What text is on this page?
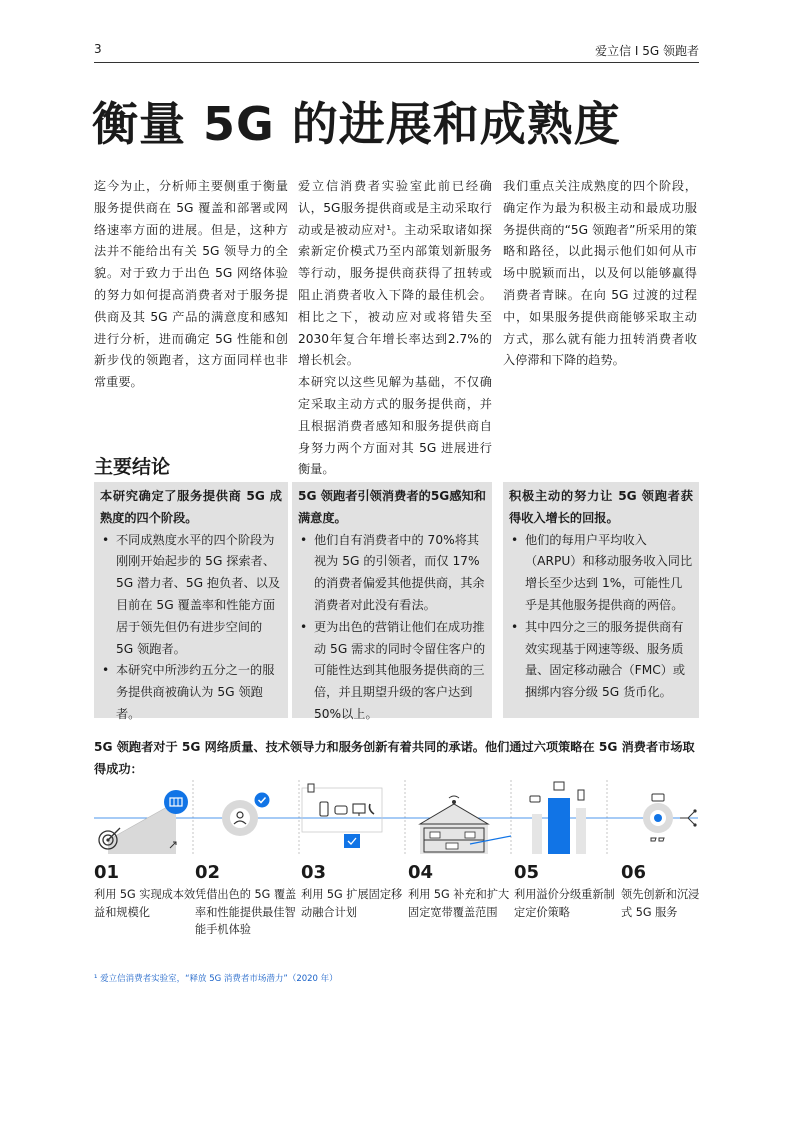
3	爱立信 I 5G 领跑者
衡量 5G 的进展和成熟度

迄今为止，分析师主要侧重于衡量服务提供商在 5G 覆盖和部署或网络速率方面的进展。但是，这种方法并不能给出有关 5G 领导力的全貌。对于致力于出色 5G 网络体验的努力如何提高消费者对于服务提供商及其 5G 产品的满意度和感知进行分析，进而确定 5G 性能和创新步伐的领跑者，这方面同样也非常重要。

爱立信消费者实验室此前已经确认，5G服务提供商或是主动采取行动或是被动应对¹。主动采取诸如探索新定价模式乃至内部策划新服务等行动，服务提供商获得了扭转或阻止消费者收入下降的最佳机会。相比之下，被动应对或将错失至2030年复合年增长率达到2.7%的增长机会。

本研究以这些见解为基础，不仅确定采取主动方式的服务提供商，并且根据消费者感知和服务提供商自身努力两个方面对其 5G 进展进行衡量。

我们重点关注成熟度的四个阶段，确定作为最为积极主动和最成功服务提供商的“5G 领跑者”所采用的策略和路径，以此揭示他们如何从市场中脱颖而出，以及何以能够赢得消费者青睐。在向 5G 过渡的过程中，如果服务提供商能够采取主动方式，那么就有能力扭转消费者收入停滞和下降的趋势。

主要结论

本研究确定了服务提供商 5G 成熟度的四个阶段。

• 不同成熟度水平的四个阶段为刚刚开始起步的 5G 探索者、5G 潜力者、5G 抱负者、以及目前在 5G 覆盖率和性能方面居于领先但仍有进步空间的 5G 领跑者。
• 本研究中所涉约五分之一的服务提供商被确认为 5G 领跑者。

5G 领跑者引领消费者的5G感知和满意度。

• 他们自有消费者中的 70%将其视为 5G 的引领者，而仅 17%的消费者偏爱其他提供商，其余消费者对此没有看法。
• 更为出色的营销让他们在成功推动 5G 需求的同时令留住客户的可能性达到其他服务提供商的三倍，并且期望升级的客户达到 50%以上。

积极主动的努力让 5G 领跑者获得收入增长的回报。

• 他们的每用户平均收入（ARPU）和移动服务收入同比增长至少达到 1%，可能性几乎是其他服务提供商的两倍。
• 其中四分之三的服务提供商有效实现基于网速等级、服务质量、固定移动融合（FMC）或捆绑内容分级 5G 货币化。

5G 领跑者对于 5G 网络质量、技术领导力和服务创新有着共同的承诺。他们通过六项策略在 5G 消费者市场取得成功：

01

利用 5G 实现成本效益和规模化

02

凭借出色的 5G 覆盖率和性能提供最佳智能手机体验

03

利用 5G 扩展固定移动融合计划

04

利用 5G 补充和扩大固定宽带覆盖范围

05

利用溢价分级重新制定定价策略

06

领先创新和沉浸式 5G 服务

¹ 爱立信消费者实验室，“释放 5G 消费者市场潜力”（2020 年）
